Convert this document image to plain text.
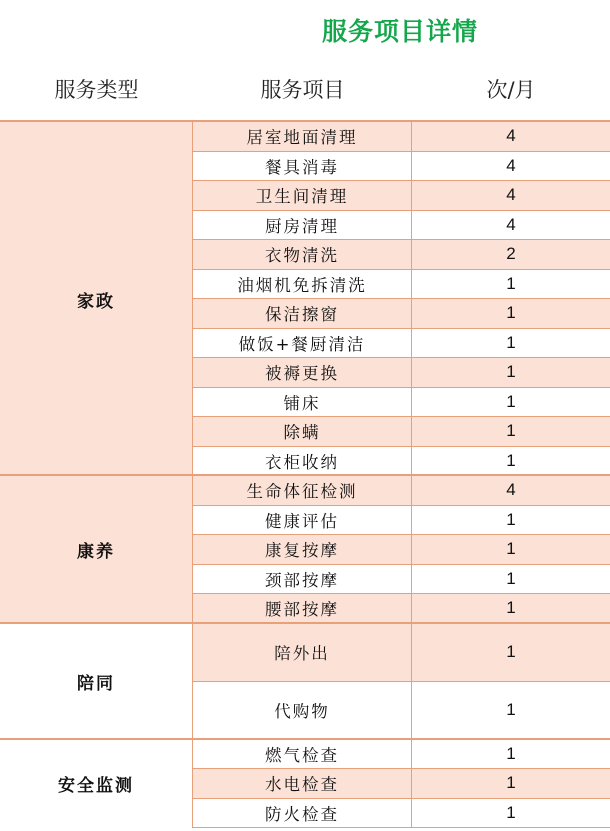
服务项目详情
服务类型	服务项目	次/月
家政
居室地面清理	4
餐具消毒	4
卫生间清理	4
厨房清理	4
衣物清洗	2
油烟机免拆清洗	1
保洁擦窗	1
做饭+餐厨清洁	1
被褥更换	1
铺床	1
除螨	1
衣柜收纳	1
康养
生命体征检测	4
健康评估	1
康复按摩	1
颈部按摩	1
腰部按摩	1
陪同
陪外出	1
代购物	1
安全监测
燃气检查	1
水电检查	1
防火检查	1
